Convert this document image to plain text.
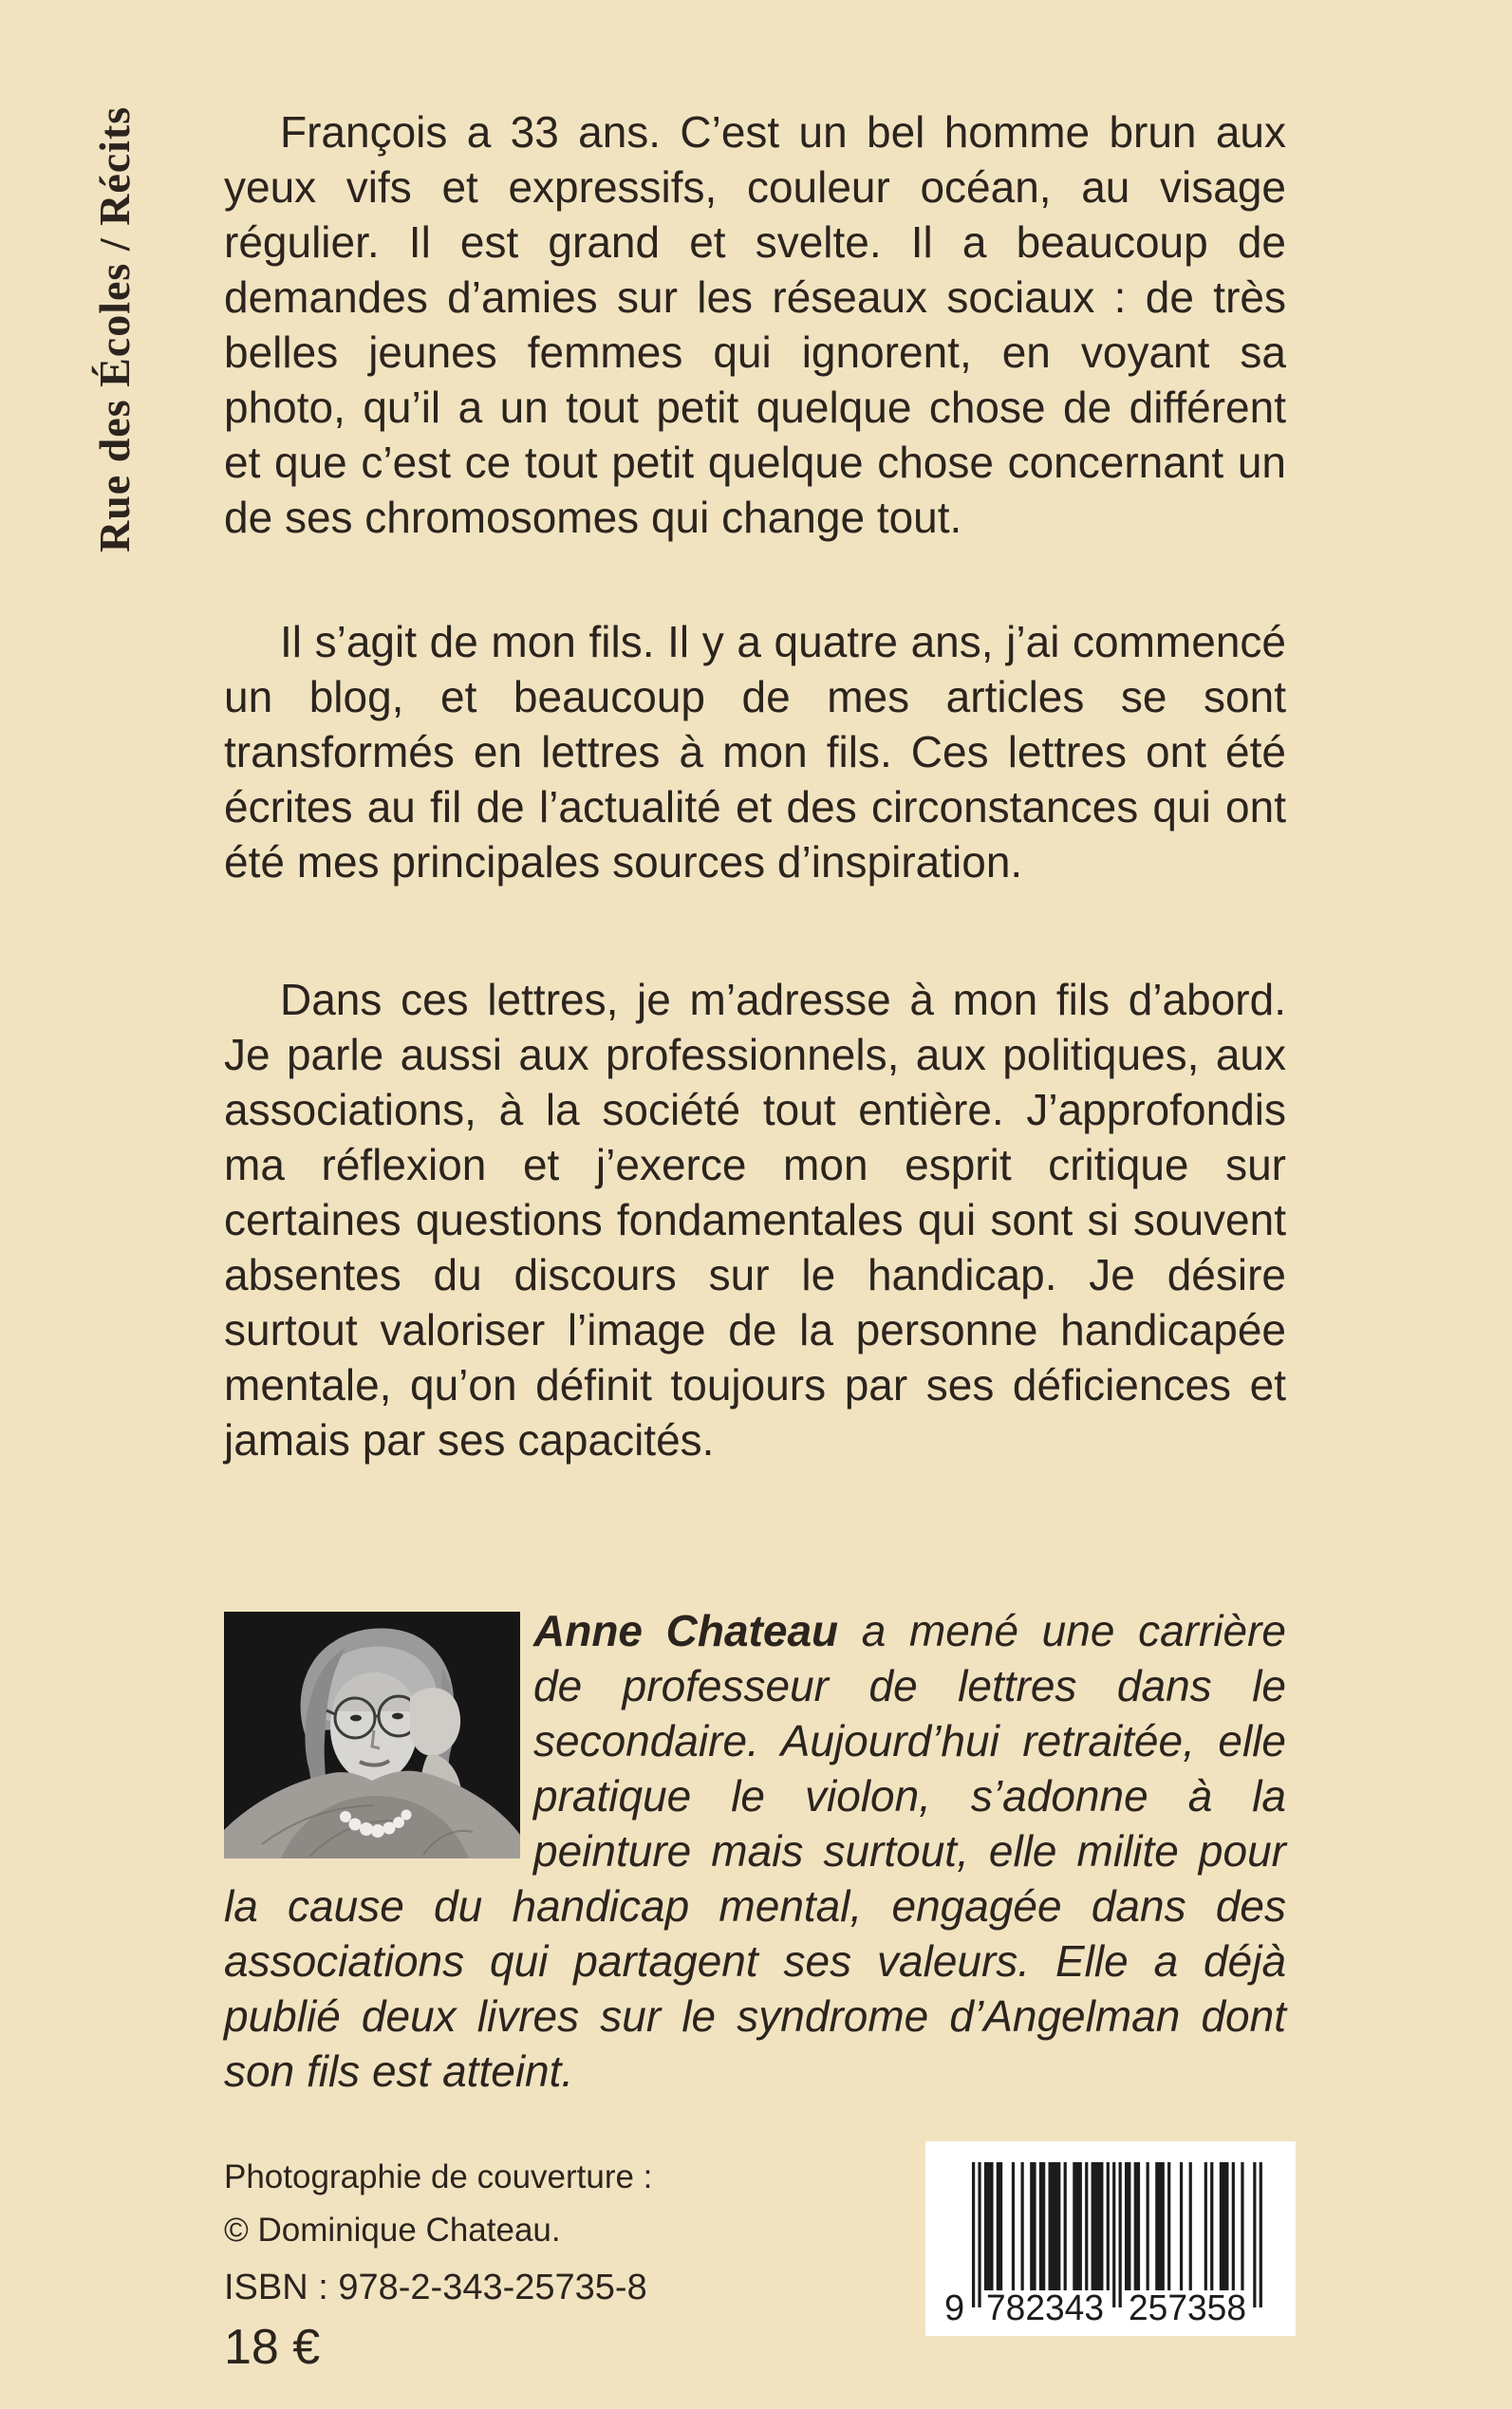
Rue des Écoles / Récits	François a 33 ans. C’est un bel homme brun aux yeux vifs et expressifs, couleur océan, au visage régulier. Il est grand et svelte. Il a beaucoup de demandes d’amies sur les réseaux sociaux : de très belles jeunes femmes qui ignorent, en voyant sa photo, qu’il a un tout petit quelque chose de différent et que c’est ce tout petit quelque chose concernant un de ses chromosomes qui change tout.

Il s’agit de mon fils. Il y a quatre ans, j’ai commencé un blog, et beaucoup de mes articles se sont transformés en lettres à mon fils. Ces lettres ont été écrites au fil de l’actualité et des circonstances qui ont été mes principales sources d’inspiration.

Dans ces lettres, je m’adresse à mon fils d’abord. Je parle aussi aux professionnels, aux politiques, aux associations, à la société tout entière. J’approfondis ma réflexion et j’exerce mon esprit critique sur certaines questions fondamentales qui sont si souvent absentes du discours sur le handicap. Je désire surtout valoriser l’image de la personne handicapée mentale, qu’on définit toujours par ses déficiences et jamais par ses capacités.

Anne Chateau a mené une carrière de professeur de lettres dans le secondaire. Aujourd’hui retraitée, elle pratique le violon, s’adonne à la peinture mais surtout, elle milite pour la cause du handicap mental, engagée dans des associations qui partagent ses valeurs. Elle a déjà publié deux livres sur le syndrome d’Angelman dont son fils est atteint.

Photographie de couverture :
© Dominique Chateau.
ISBN : 978-2-343-25735-8
18 €
9 782343 257358
